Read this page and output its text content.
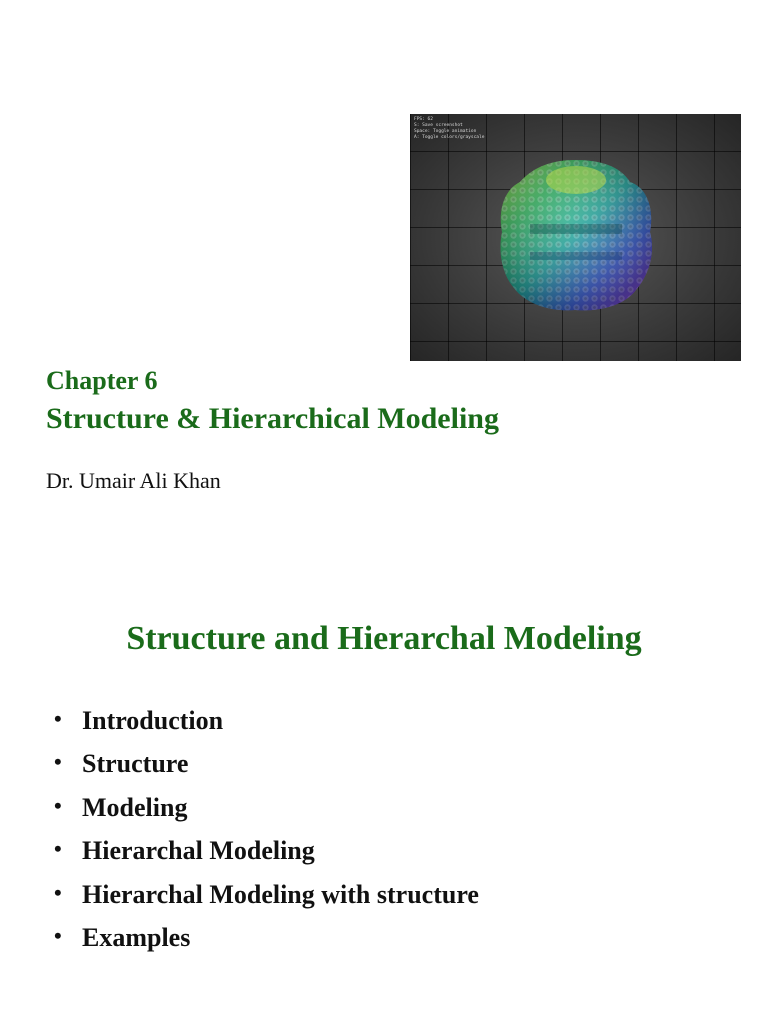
FPS: 62
S: Save screenshot
Space: Toggle animation
A: Toggle colors/grayscale
Chapter 6
Structure & Hierarchical Modeling
Dr. Umair Ali Khan
Structure and Hierarchal Modeling
• Introduction
• Structure
• Modeling
• Hierarchal Modeling
• Hierarchal Modeling with structure
• Examples
